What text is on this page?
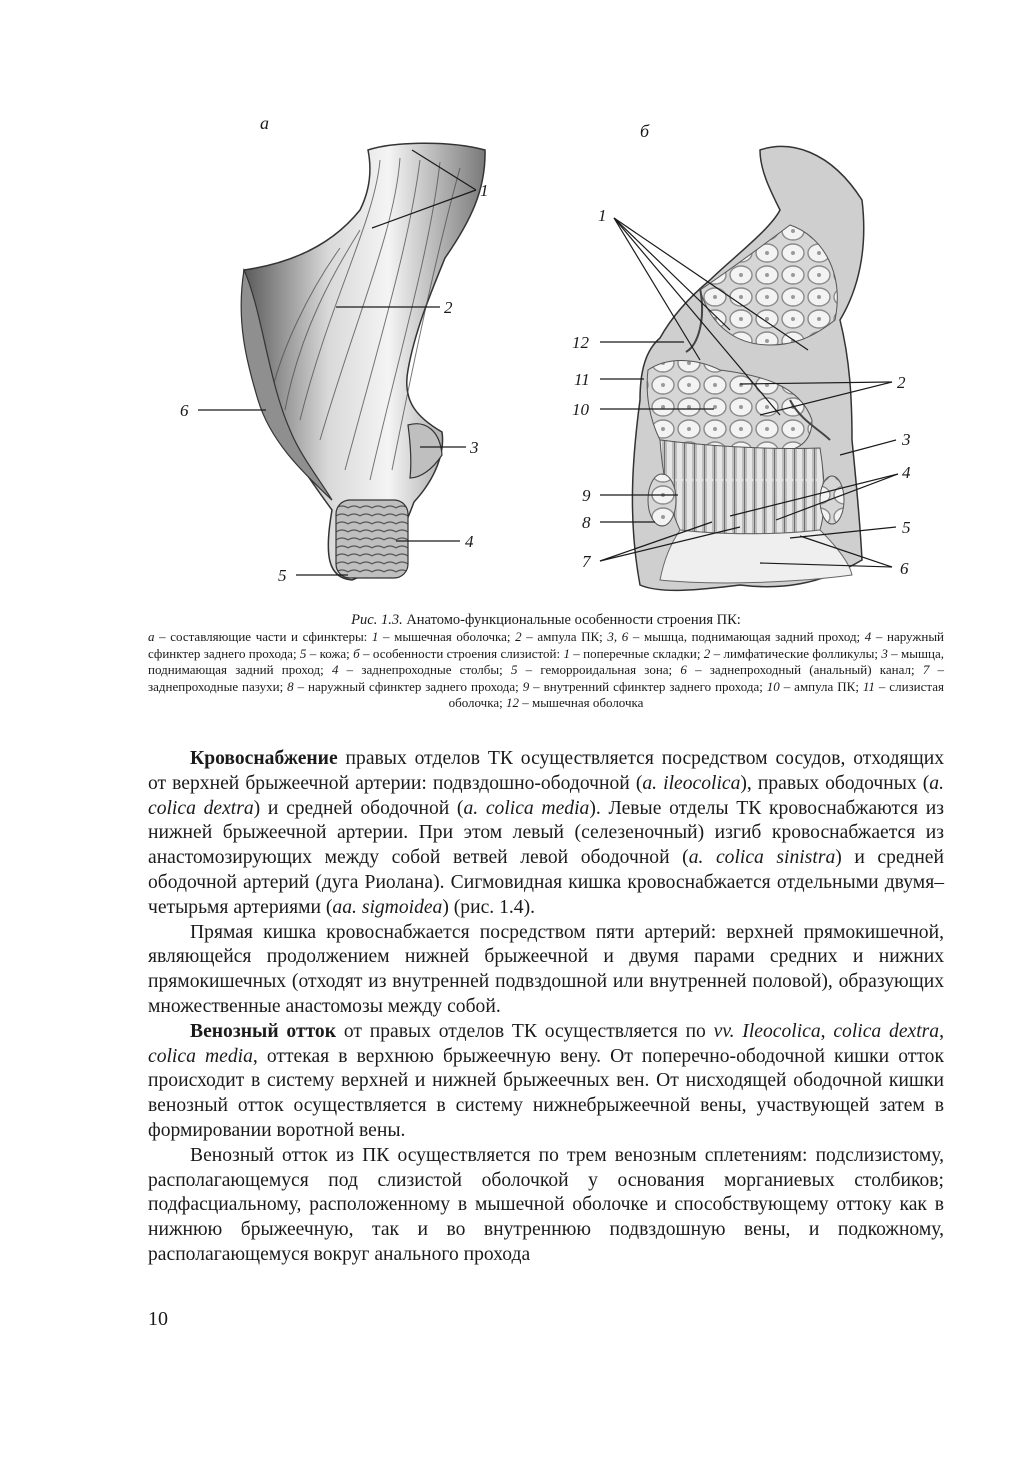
а	б
1
2
3
4
5
6
1
2
3
4
5
6
7
8
9
10
11
12
Рис. 1.3. Анатомо-функциональные особенности строения ПК:
а – составляющие части и сфинктеры: 1 – мышечная оболочка; 2 – ампула ПК; 3, 6 – мышца, поднимающая задний проход; 4 – наружный сфинктер заднего прохода; 5 – кожа; б – особенности строения слизистой: 1 – поперечные складки; 2 – лимфатические фолликулы; 3 – мышца, поднимающая задний проход; 4 – заднепроходные столбы; 5 – геморроидальная зона; 6 – заднепроходный (анальный) канал; 7 – заднепроходные пазухи; 8 – наружный сфинктер заднего прохода; 9 – внутренний сфинктер заднего прохода; 10 – ампула ПК; 11 – слизистая оболочка; 12 – мышечная оболочка

Кровоснабжение правых отделов ТК осуществляется посредством сосудов, отходящих от верхней брыжеечной артерии: подвздошно-ободочной (a. ileocolica), правых ободочных (a. colica dextra) и средней ободочной (a. colica media). Левые отделы ТК кровоснабжаются из нижней брыжеечной артерии. При этом левый (селезеночный) изгиб кровоснабжается из анастомозирующих между собой ветвей левой ободочной (a. colica sinistra) и средней ободочной артерий (дуга Риолана). Сигмовидная кишка кровоснабжается отдельными двумя–четырьмя артериями (aa. sigmoidea) (рис. 1.4).

Прямая кишка кровоснабжается посредством пяти артерий: верхней прямокишечной, являющейся продолжением нижней брыжеечной и двумя парами средних и нижних прямокишечных (отходят из внутренней подвздошной или внутренней половой), образующих множественные анастомозы между собой.

Венозный отток от правых отделов ТК осуществляется по vv. Ileocolica, colica dextra, colica media, оттекая в верхнюю брыжеечную вену. От поперечно-ободочной кишки отток происходит в систему верхней и нижней брыжеечных вен. От нисходящей ободочной кишки венозный отток осуществляется в систему нижнебрыжеечной вены, участвующей затем в формировании воротной вены.

Венозный отток из ПК осуществляется по трем венозным сплетениям: подслизистому, располагающемуся под слизистой оболочкой у основания морганиевых столбиков; подфасциальному, расположенному в мышечной оболочке и способствующему оттоку как в нижнюю брыжеечную, так и во внутреннюю подвздошную вены, и подкожному, располагающемуся вокруг анального прохода

10
